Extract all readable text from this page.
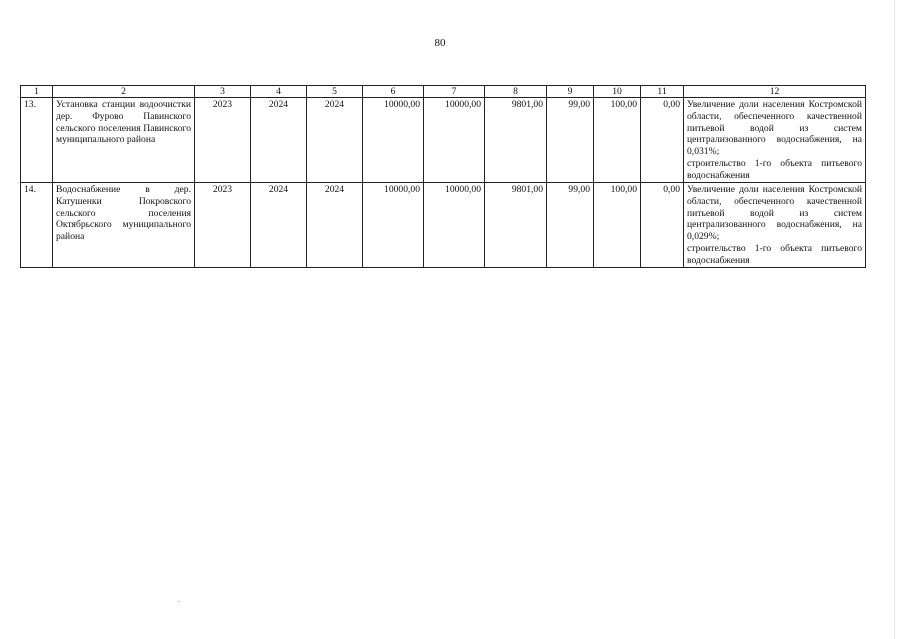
80
1	2	3	4	5	6	7	8	9	10	11	12
13.	Установка станции водоочистки дер. Фурово Павинского сельского поселения Павинского муниципального района	2023	2024	2024	10000,00	10000,00	9801,00	99,00	100,00	0,00	Увеличение доли населения Костромской области, обеспеченного качественной питьевой водой из систем централизованного водоснабжения, на 0,031%;
строительство 1-го объекта питьевого водоснабжения

14.	Водоснабжение в дер. Катушенки Покровского сельского поселения Октябрьского муниципального района	2023	2024	2024	10000,00	10000,00	9801,00	99,00	100,00	0,00	Увеличение доли населения Костромской области, обеспеченного качественной питьевой водой из систем централизованного водоснабжения, на 0,029%;
строительство 1-го объекта питьевого водоснабжения
